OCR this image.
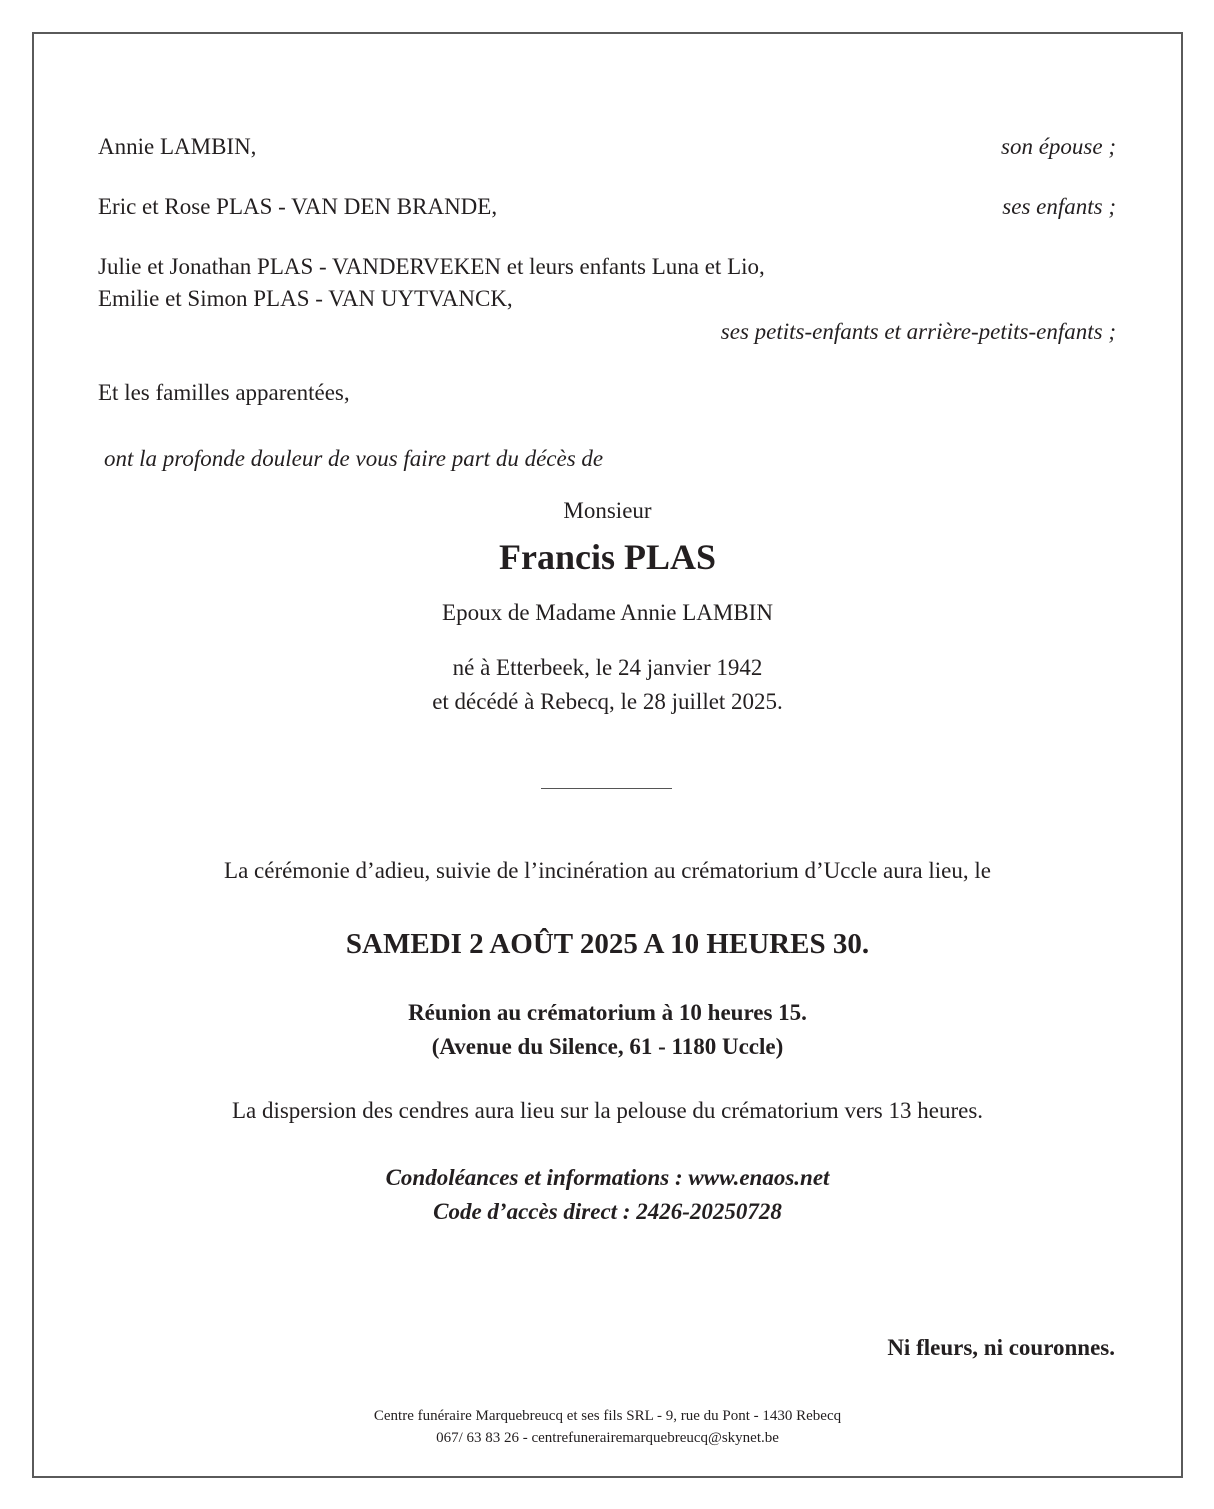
Annie LAMBIN,	son épouse ;
Eric et Rose PLAS - VAN DEN BRANDE,	ses enfants ;
Julie et Jonathan PLAS - VANDERVEKEN et leurs enfants Luna et Lio,
Emilie et Simon PLAS - VAN UYTVANCK,
ses petits-enfants et arrière-petits-enfants ;
Et les familles apparentées,
ont la profonde douleur de vous faire part du décès de
Monsieur
Francis PLAS
Epoux de Madame Annie LAMBIN
né à Etterbeek, le 24 janvier 1942
et décédé à Rebecq, le 28 juillet 2025.
La cérémonie d’adieu, suivie de l’incinération au crématorium d’Uccle aura lieu, le
SAMEDI 2 AOÛT 2025 A 10 HEURES 30.
Réunion au crématorium à 10 heures 15.
(Avenue du Silence, 61 - 1180 Uccle)
La dispersion des cendres aura lieu sur la pelouse du crématorium vers 13 heures.
Condoléances et informations : www.enaos.net
Code d’accès direct : 2426-20250728
Ni fleurs, ni couronnes.
Centre funéraire Marquebreucq et ses fils SRL - 9, rue du Pont - 1430 Rebecq
067/ 63 83 26 - centrefunerairemarquebreucq@skynet.be
